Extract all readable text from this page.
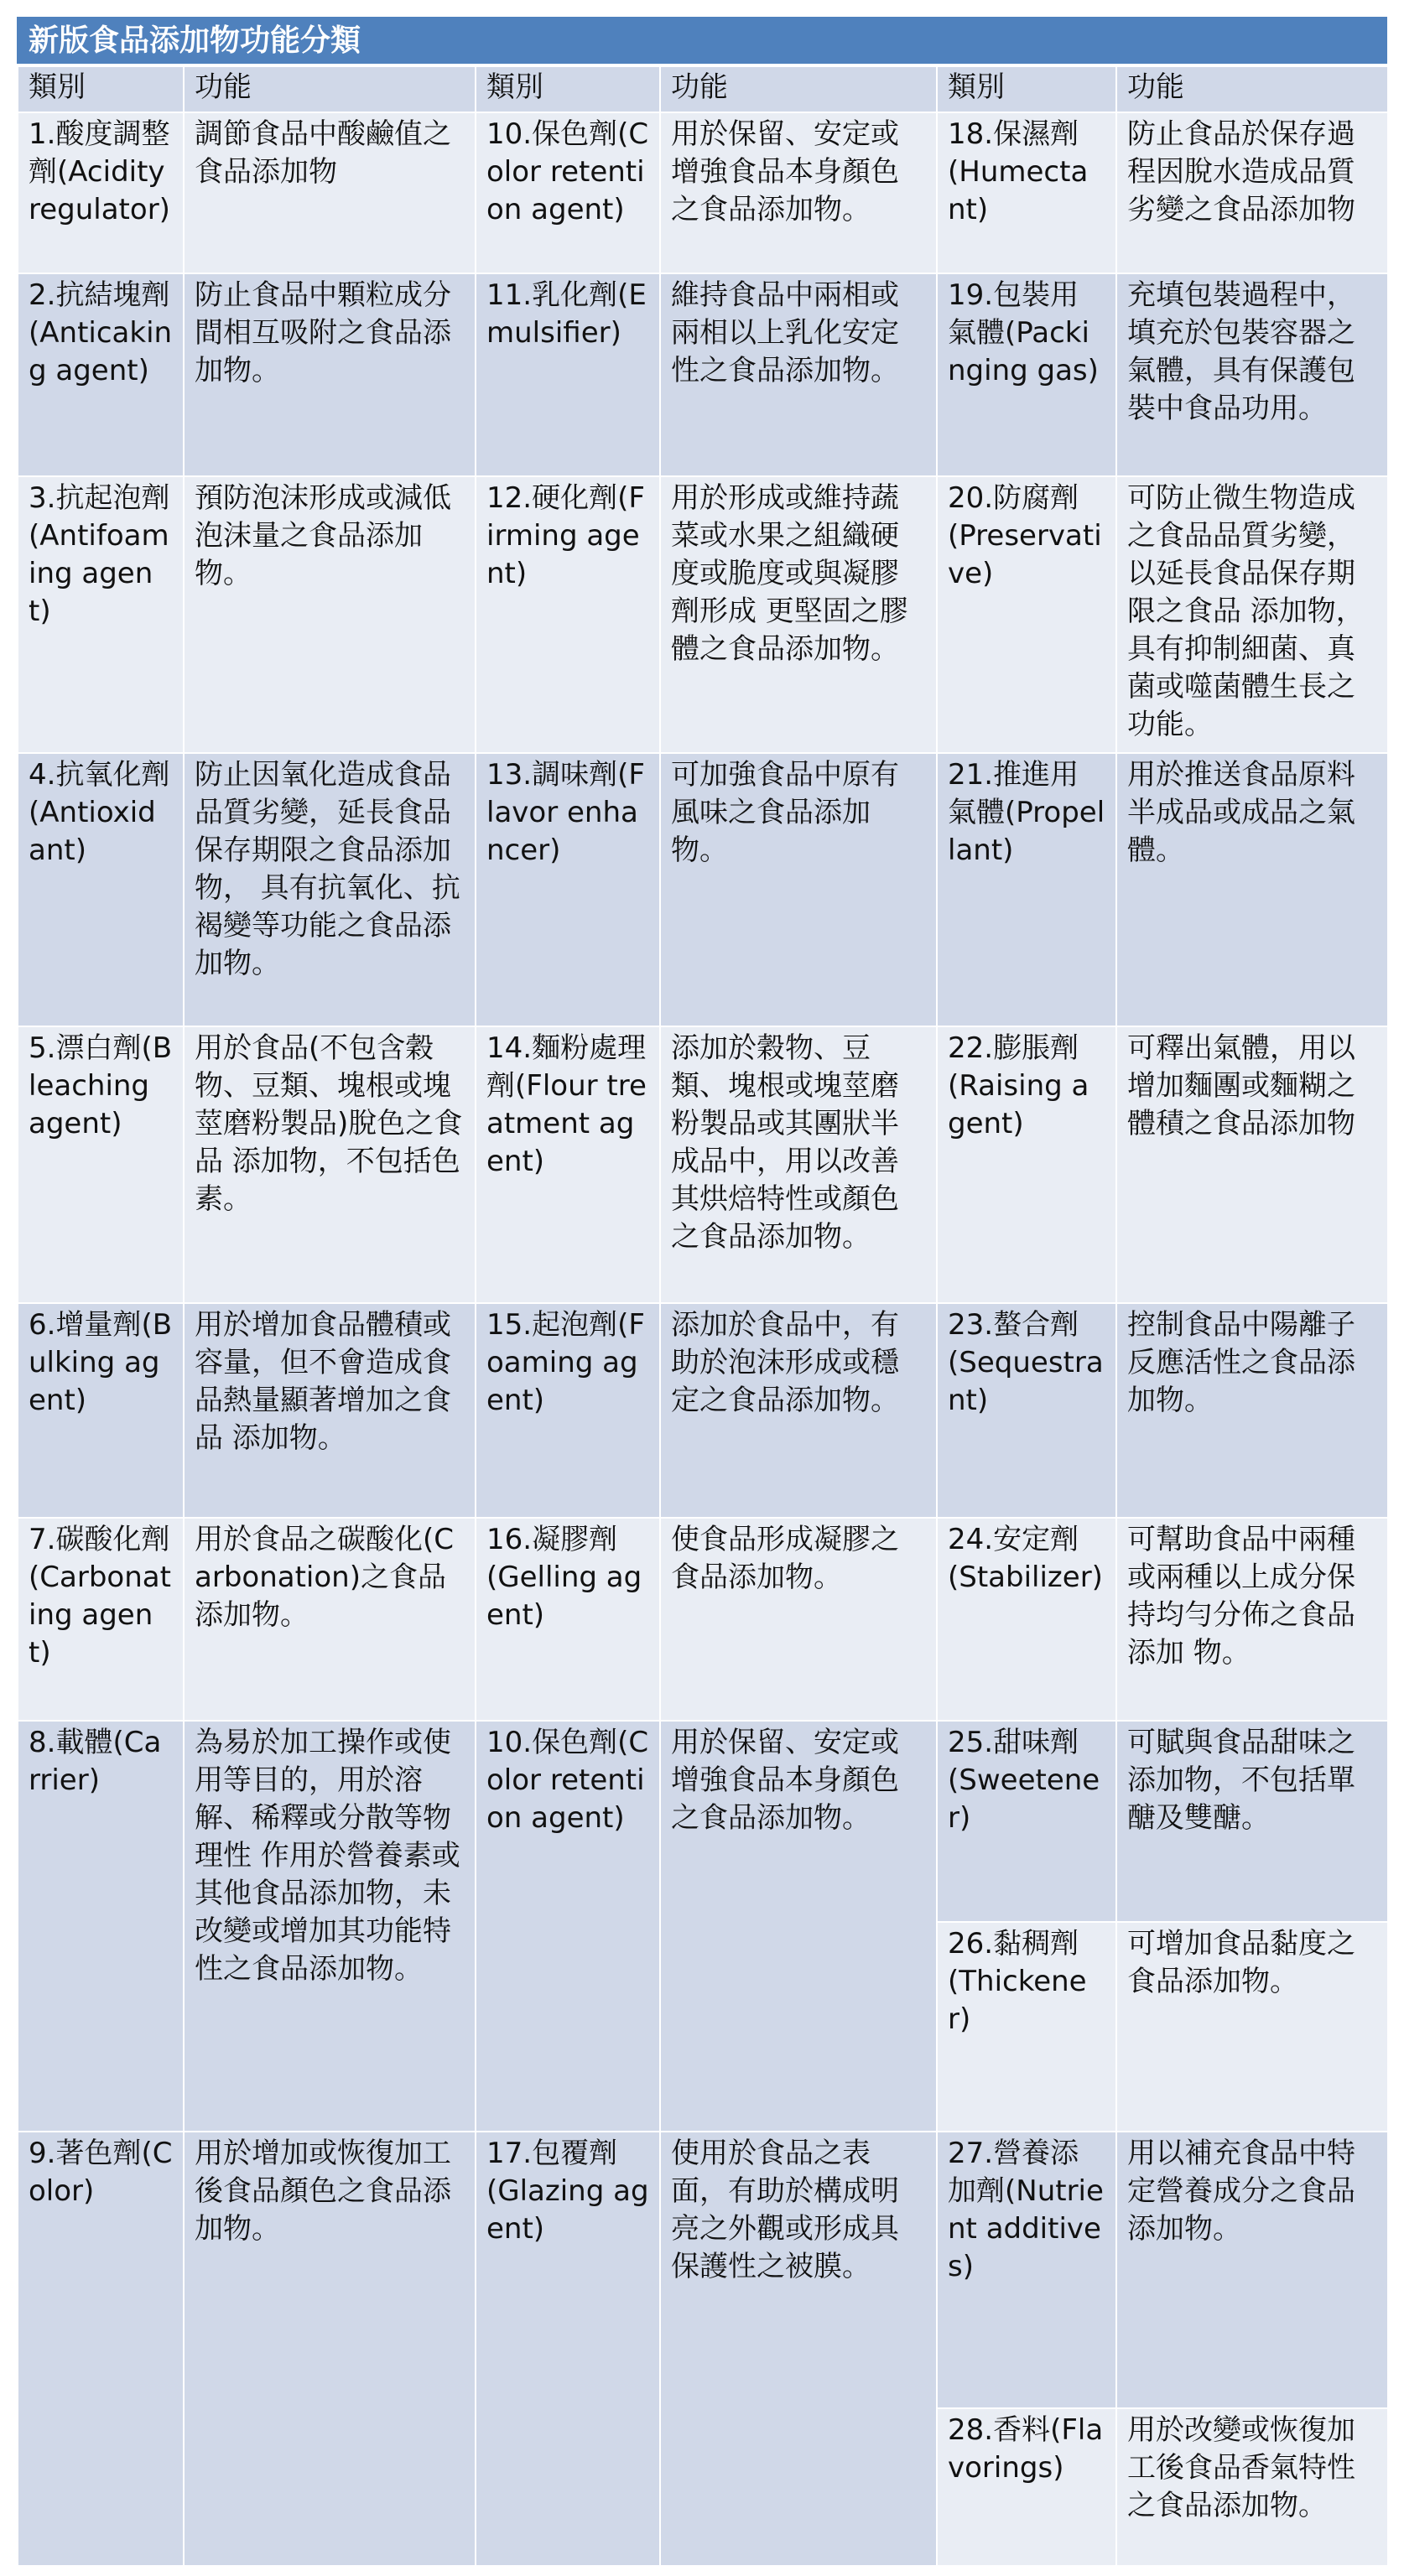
新版食品添加物功能分類
類別	功能	類別	功能	類別	功能
1.酸度調整劑(Acidity regulator)	調節食品中酸鹼值之食品添加物	10.保色劑(Color retention agent)	用於保留、安定或增強食品本身顏色之食品添加物。	18.保濕劑(Humectant)	防止食品於保存過程因脫水造成品質劣變之食品添加物
2.抗結塊劑(Anticaking agent)	防止食品中顆粒成分間相互吸附之食品添加物。	11.乳化劑(Emulsifier)	維持食品中兩相或兩相以上乳化安定性之食品添加物。	19.包裝用氣體(Packinging gas)	充填包裝過程中，填充於包裝容器之氣體，具有保護包裝中食品功用。
3.抗起泡劑(Antifoaming agent)	預防泡沫形成或減低泡沫量之食品添加物。	12.硬化劑(Firming agent)	用於形成或維持蔬菜或水果之組織硬度或脆度或與凝膠劑形成 更堅固之膠體之食品添加物。	20.防腐劑(Preservative)	可防止微生物造成之食品品質劣變，以延長食品保存期限之食品 添加物，具有抑制細菌、真菌或噬菌體生長之功能。
4.抗氧化劑(Antioxidant)	防止因氧化造成食品品質劣變，延長食品保存期限之食品添加物， 具有抗氧化、抗褐變等功能之食品添加物。	13.調味劑(Flavor enhancer)	可加強食品中原有風味之食品添加物。	21.推進用氣體(Propellant)	用於推送食品原料半成品或成品之氣體。
5.漂白劑(Bleaching agent)	用於食品(不包含穀物、豆類、塊根或塊莖磨粉製品)脫色之食品 添加物，不包括色素。	14.麵粉處理劑(Flour treatment agent)	添加於穀物、豆類、塊根或塊莖磨粉製品或其團狀半成品中，用以改善其烘焙特性或顏色之食品添加物。	22.膨脹劑(Raising agent)	可釋出氣體，用以增加麵團或麵糊之體積之食品添加物
6.增量劑(Bulking agent)	用於增加食品體積或容量，但不會造成食品熱量顯著增加之食品 添加物。	15.起泡劑(Foaming agent)	添加於食品中，有助於泡沫形成或穩定之食品添加物。	23.螯合劑(Sequestrant)	控制食品中陽離子反應活性之食品添加物。
7.碳酸化劑(Carbonating agent)	用於食品之碳酸化(Carbonation)之食品添加物。	16.凝膠劑(Gelling agent)	使食品形成凝膠之食品添加物。	24.安定劑(Stabilizer)	可幫助食品中兩種或兩種以上成分保持均勻分佈之食品添加 物。
8.載體(Carrier)	為易於加工操作或使用等目的，用於溶解、稀釋或分散等物理性 作用於營養素或其他食品添加物，未改變或增加其功能特性之食品添加物。	10.保色劑(Color retention agent)	用於保留、安定或增強食品本身顏色之食品添加物。	25.甜味劑(Sweetener)	可賦與食品甜味之添加物，不包括單醣及雙醣。
				26.黏稠劑(Thickener)	可增加食品黏度之食品添加物。
9.著色劑(Color)	用於增加或恢復加工後食品顏色之食品添加物。	17.包覆劑(Glazing agent)	使用於食品之表面，有助於構成明亮之外觀或形成具保護性之被膜。	27.營養添加劑(Nutrient additives)	用以補充食品中特定營養成分之食品添加物。
				28.香料(Flavorings)	用於改變或恢復加工後食品香氣特性之食品添加物。
